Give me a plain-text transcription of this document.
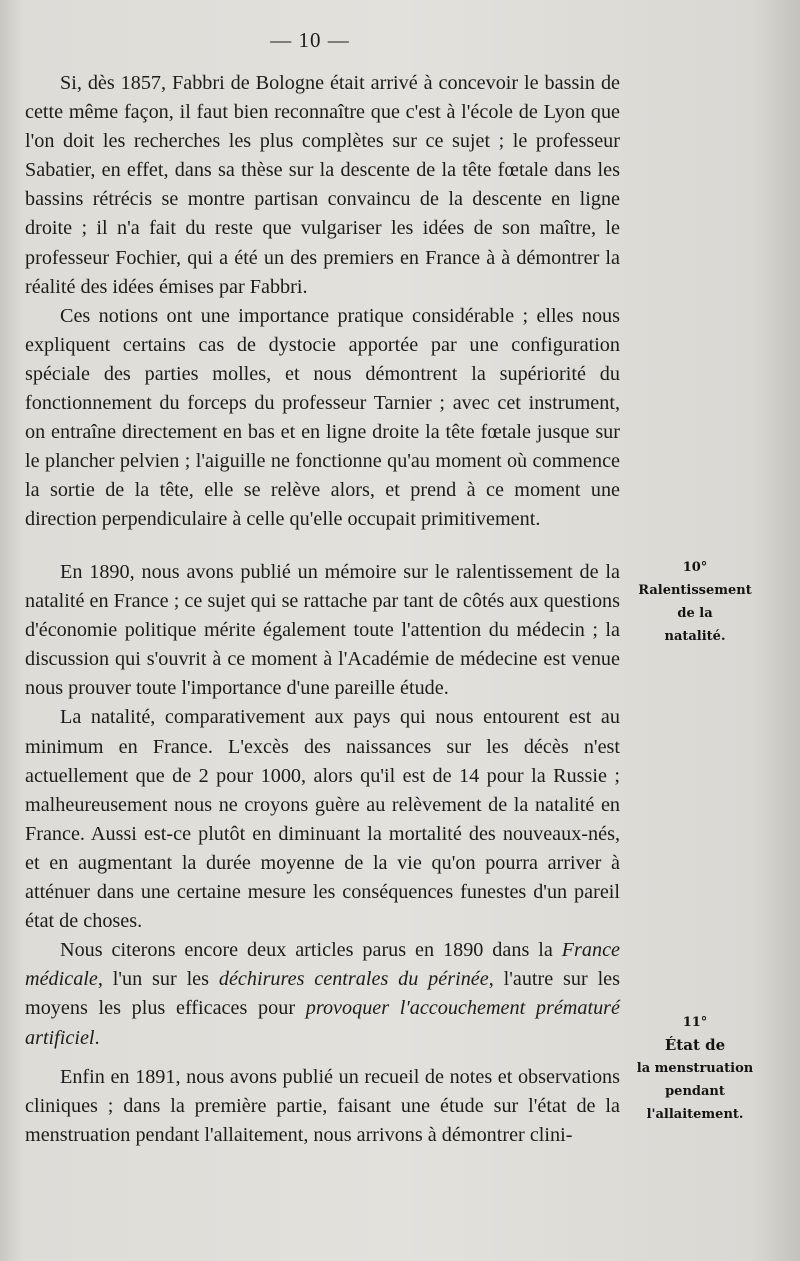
— 10 —

Si, dès 1857, Fabbri de Bologne était arrivé à concevoir le bassin de cette même façon, il faut bien reconnaître que c'est à l'école de Lyon que l'on doit les recherches les plus complètes sur ce sujet ; le professeur Sabatier, en effet, dans sa thèse sur la descente de la tête fœtale dans les bassins rétrécis se montre partisan convaincu de la descente en ligne droite ; il n'a fait du reste que vulgariser les idées de son maître, le professeur Fochier, qui a été un des premiers en France à à démontrer la réalité des idées émises par Fabbri.

Ces notions ont une importance pratique considérable ; elles nous expliquent certains cas de dystocie apportée par une configuration spéciale des parties molles, et nous démontrent la supériorité du fonctionnement du forceps du professeur Tarnier ; avec cet instrument, on entraîne directement en bas et en ligne droite la tête fœtale jusque sur le plancher pelvien ; l'aiguille ne fonctionne qu'au moment où commence la sortie de la tête, elle se relève alors, et prend à ce moment une direction perpendiculaire à celle qu'elle occupait primitivement.

En 1890, nous avons publié un mémoire sur le ralentissement de la natalité en France ; ce sujet qui se rattache par tant de côtés aux questions d'économie politique mérite également toute l'attention du médecin ; la discussion qui s'ouvrit à ce moment à l'Académie de médecine est venue nous prouver toute l'importance d'une pareille étude.

La natalité, comparativement aux pays qui nous entourent est au minimum en France. L'excès des naissances sur les décès n'est actuellement que de 2 pour 1000, alors qu'il est de 14 pour la Russie ; malheureusement nous ne croyons guère au relèvement de la natalité en France. Aussi est-ce plutôt en diminuant la mortalité des nouveaux-nés, et en augmentant la durée moyenne de la vie qu'on pourra arriver à atténuer dans une certaine mesure les conséquences funestes d'un pareil état de choses.

Nous citerons encore deux articles parus en 1890 dans la France médicale, l'un sur les déchirures centrales du périnée, l'autre sur les moyens les plus efficaces pour provoquer l'accouchement prématuré artificiel.

Enfin en 1891, nous avons publié un recueil de notes et observations cliniques ; dans la première partie, faisant une étude sur l'état de la menstruation pendant l'allaitement, nous arrivons à démontrer clini-

10°
Ralentissement
de la
natalité.
11°
État de
la menstruation
pendant
l'allaitement.
